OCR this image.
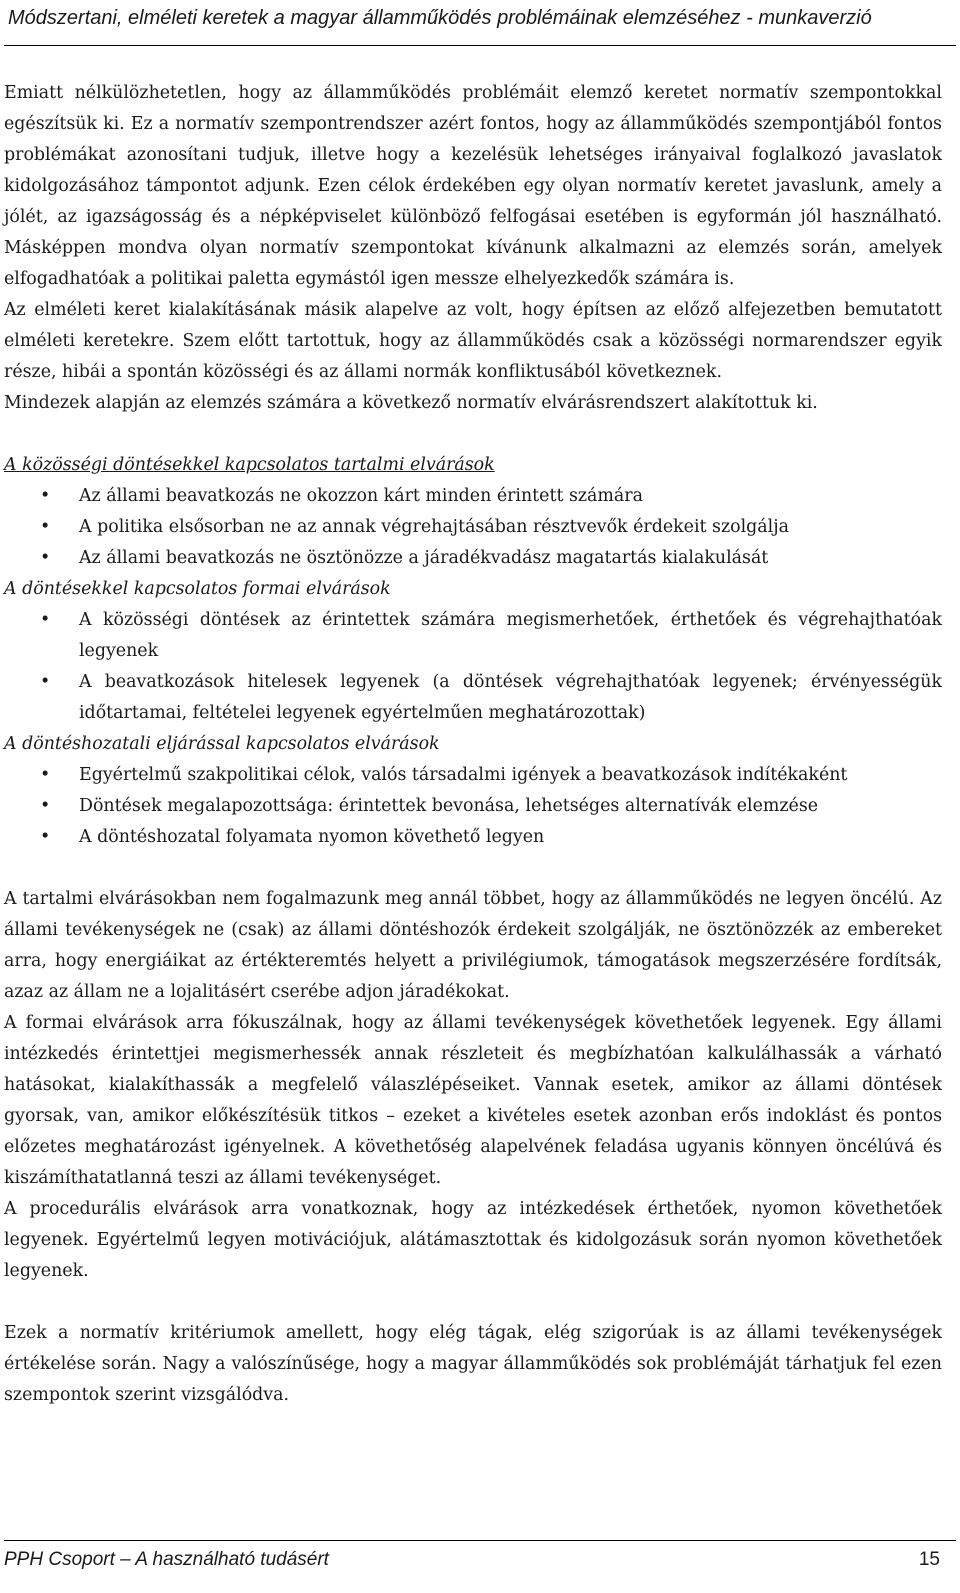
Módszertani, elméleti keretek a magyar államműködés problémáinak elemzéséhez - munkaverzió

Emiatt nélkülözhetetlen, hogy az államműködés problémáit elemző keretet normatív szempontokkal egészítsük ki. Ez a normatív szempontrendszer azért fontos, hogy az államműködés szempontjából fontos problémákat azonosítani tudjuk, illetve hogy a kezelésük lehetséges irányaival foglalkozó javaslatok kidolgozásához támpontot adjunk. Ezen célok érdekében egy olyan normatív keretet javaslunk, amely a jólét, az igazságosság és a népképviselet különböző felfogásai esetében is egyformán jól használható. Másképpen mondva olyan normatív szempontokat kívánunk alkalmazni az elemzés során, amelyek elfogadhatóak a politikai paletta egymástól igen messze elhelyezkedők számára is.

Az elméleti keret kialakításának másik alapelve az volt, hogy építsen az előző alfejezetben bemutatott elméleti keretekre. Szem előtt tartottuk, hogy az államműködés csak a közösségi normarendszer egyik része, hibái a spontán közösségi és az állami normák konfliktusából következnek.

Mindezek alapján az elemzés számára a következő normatív elvárásrendszert alakítottuk ki.

A közösségi döntésekkel kapcsolatos tartalmi elvárások

• Az állami beavatkozás ne okozzon kárt minden érintett számára
• A politika elsősorban ne az annak végrehajtásában résztvevők érdekeit szolgálja
• Az állami beavatkozás ne ösztönözze a járadékvadász magatartás kialakulását

A döntésekkel kapcsolatos formai elvárások

• A közösségi döntések az érintettek számára megismerhetőek, érthetőek és végrehajthatóak legyenek
• A beavatkozások hitelesek legyenek (a döntések végrehajthatóak legyenek; érvényességük időtartamai, feltételei legyenek egyértelműen meghatározottak)

A döntéshozatali eljárással kapcsolatos elvárások

• Egyértelmű szakpolitikai célok, valós társadalmi igények a beavatkozások indítékaként
• Döntések megalapozottsága: érintettek bevonása, lehetséges alternatívák elemzése
• A döntéshozatal folyamata nyomon követhető legyen

A tartalmi elvárásokban nem fogalmazunk meg annál többet, hogy az államműködés ne legyen öncélú. Az állami tevékenységek ne (csak) az állami döntéshozók érdekeit szolgálják, ne ösztönözzék az embereket arra, hogy energiáikat az értékteremtés helyett a privilégiumok, támogatások megszerzésére fordítsák, azaz az állam ne a lojalitásért cserébe adjon járadékokat.

A formai elvárások arra fókuszálnak, hogy az állami tevékenységek követhetőek legyenek. Egy állami intézkedés érintettjei megismerhessék annak részleteit és megbízhatóan kalkulálhassák a várható hatásokat, kialakíthassák a megfelelő válaszlépéseiket. Vannak esetek, amikor az állami döntések gyorsak, van, amikor előkészítésük titkos – ezeket a kivételes esetek azonban erős indoklást és pontos előzetes meghatározást igényelnek. A követhetőség alapelvének feladása ugyanis könnyen öncélúvá és kiszámíthatatlanná teszi az állami tevékenységet.

A procedurális elvárások arra vonatkoznak, hogy az intézkedések érthetőek, nyomon követhetőek legyenek. Egyértelmű legyen motivációjuk, alátámasztottak és kidolgozásuk során nyomon követhetőek legyenek.

Ezek a normatív kritériumok amellett, hogy elég tágak, elég szigorúak is az állami tevékenységek értékelése során. Nagy a valószínűsége, hogy a magyar államműködés sok problémáját tárhatjuk fel ezen szempontok szerint vizsgálódva.

PPH Csoport – A használható tudásért	15
